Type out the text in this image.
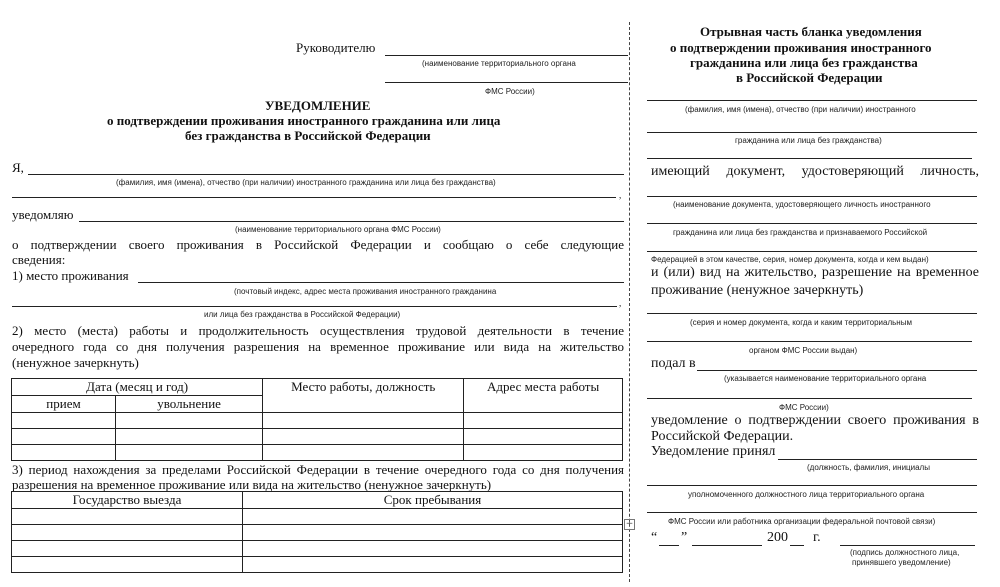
Руководителю
(наименование территориального органа
ФМС России)
УВЕДОМЛЕНИЕ
о подтверждении проживания иностранного гражданина или лица
без гражданства в Российской Федерации
Я,
(фамилия, имя (имена), отчество (при наличии) иностранного гражданина или лица без гражданства)
,
уведомляю
(наименование территориального органа ФМС России)
о подтверждении своего проживания в Российской Федерации и сообщаю о себе следующие
сведения:
1) место проживания
(почтовый индекс, адрес места проживания иностранного гражданина
,
или лица без гражданства в Российской Федерации)
2) место (места) работы и продолжительность осуществления трудовой деятельности в течение
очередного года со дня получения разрешения на временное проживание или вида на жительство
(ненужное зачеркнуть)
Дата (месяц и год)		Место работы, должность	Адрес места работы
прием	увольнение		

3) период нахождения за пределами Российской Федерации в течение очередного года со дня получения
разрешения на временное проживание или вида на жительство (ненужное зачеркнуть)
Государство выезда	Срок пребывания

+
Отрывная часть бланка уведомления
о подтверждении проживания иностранного
гражданина или лица без гражданства
в Российской Федерации
(фамилия, имя (имена), отчество (при наличии) иностранного
гражданина или лица без гражданства)
имеющий документ, удостоверяющий личность,
(наименование документа, удостоверяющего личность иностранного
гражданина или лица без гражданства и признаваемого Российской
Федерацией в этом качестве, серия, номер документа, когда и кем выдан)
и (или) вид на жительство, разрешение на временное
проживание (ненужное зачеркнуть)
(серия и номер документа, когда и каким территориальным
органом ФМС России выдан)
подал в
(указывается наименование территориального органа
ФМС России)
уведомление о подтверждении своего проживания в
Российской Федерации.
Уведомление принял
(должность, фамилия, инициалы
уполномоченного должностного лица территориального органа
ФМС России или работника организации федеральной почтовой связи)
“ ”	200 г.
(подпись должностного лица,
принявшего уведомление)
